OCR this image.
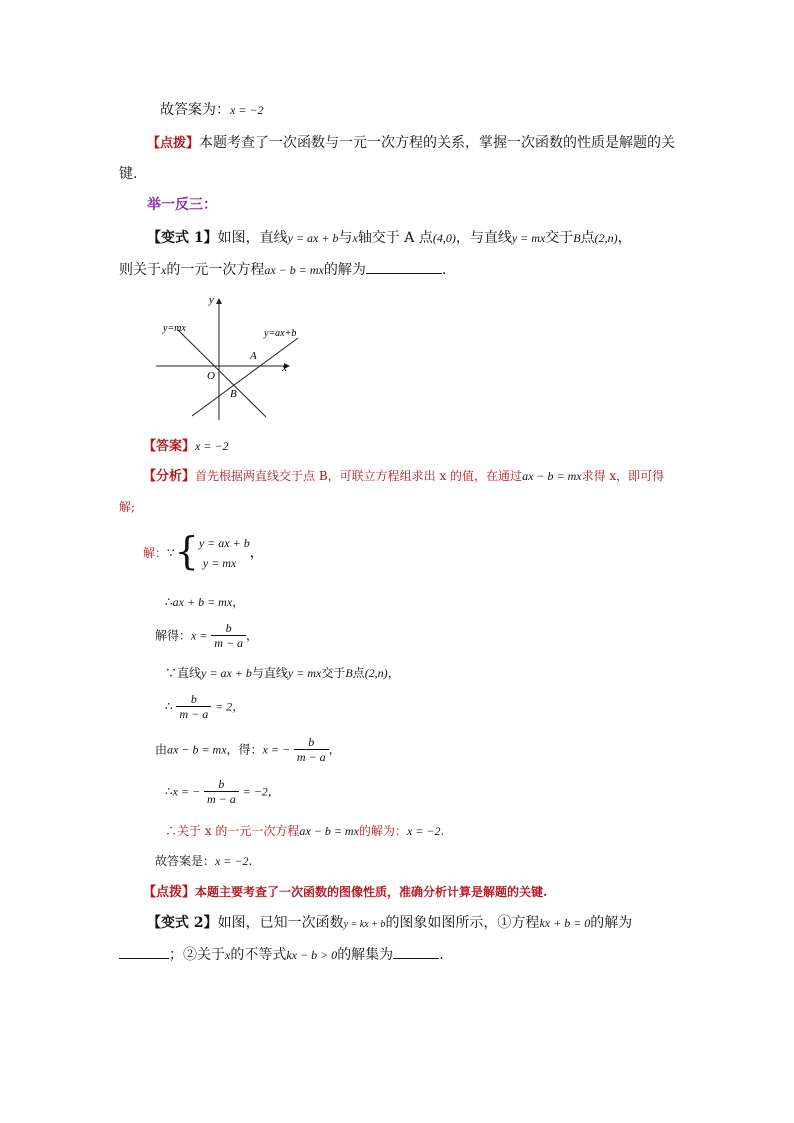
故答案为：x = −2
【点拨】本题考查了一次函数与一元一次方程的关系，掌握一次函数的性质是解题的关
键.
举一反三：
【变式 1】如图，直线y = ax + b与x轴交于 A 点(4,0)，与直线y = mx交于B点(2,n)，
则关于x的一元一次方程ax − b = mx的解为	.
y
x
O
y=mx	y=ax+b
A
B
【答案】x = −2
【分析】首先根据两直线交于点 B，可联立方程组求出 x 的值，在通过ax − b = mx求得 x，即可得
解;
解：∵{ y = ax + b
y = mx
，
∴ax + b = mx，
解得：$x = \frac{b}{m - a}$ ，
∵直线y = ax + b与直线y = mx交于B点(2,n)，
∴ $\frac{b}{m - a} = 2$，
由ax − b = mx，得：x = − $\frac{b}{m - a}$ ，
∴x = − $\frac{b}{m - a} = -2$，
∴关于 x 的一元一次方程ax − b = mx的解为：x = −2.
故答案是：x = −2.
【点拨】本题主要考查了一次函数的图像性质，准确分析计算是解题的关键.
【变式 2】如图，已知一次函数y = kx + b的图象如图所示，①方程kx + b = 0的解为
；②关于x的不等式kx − b > 0的解集为	.
